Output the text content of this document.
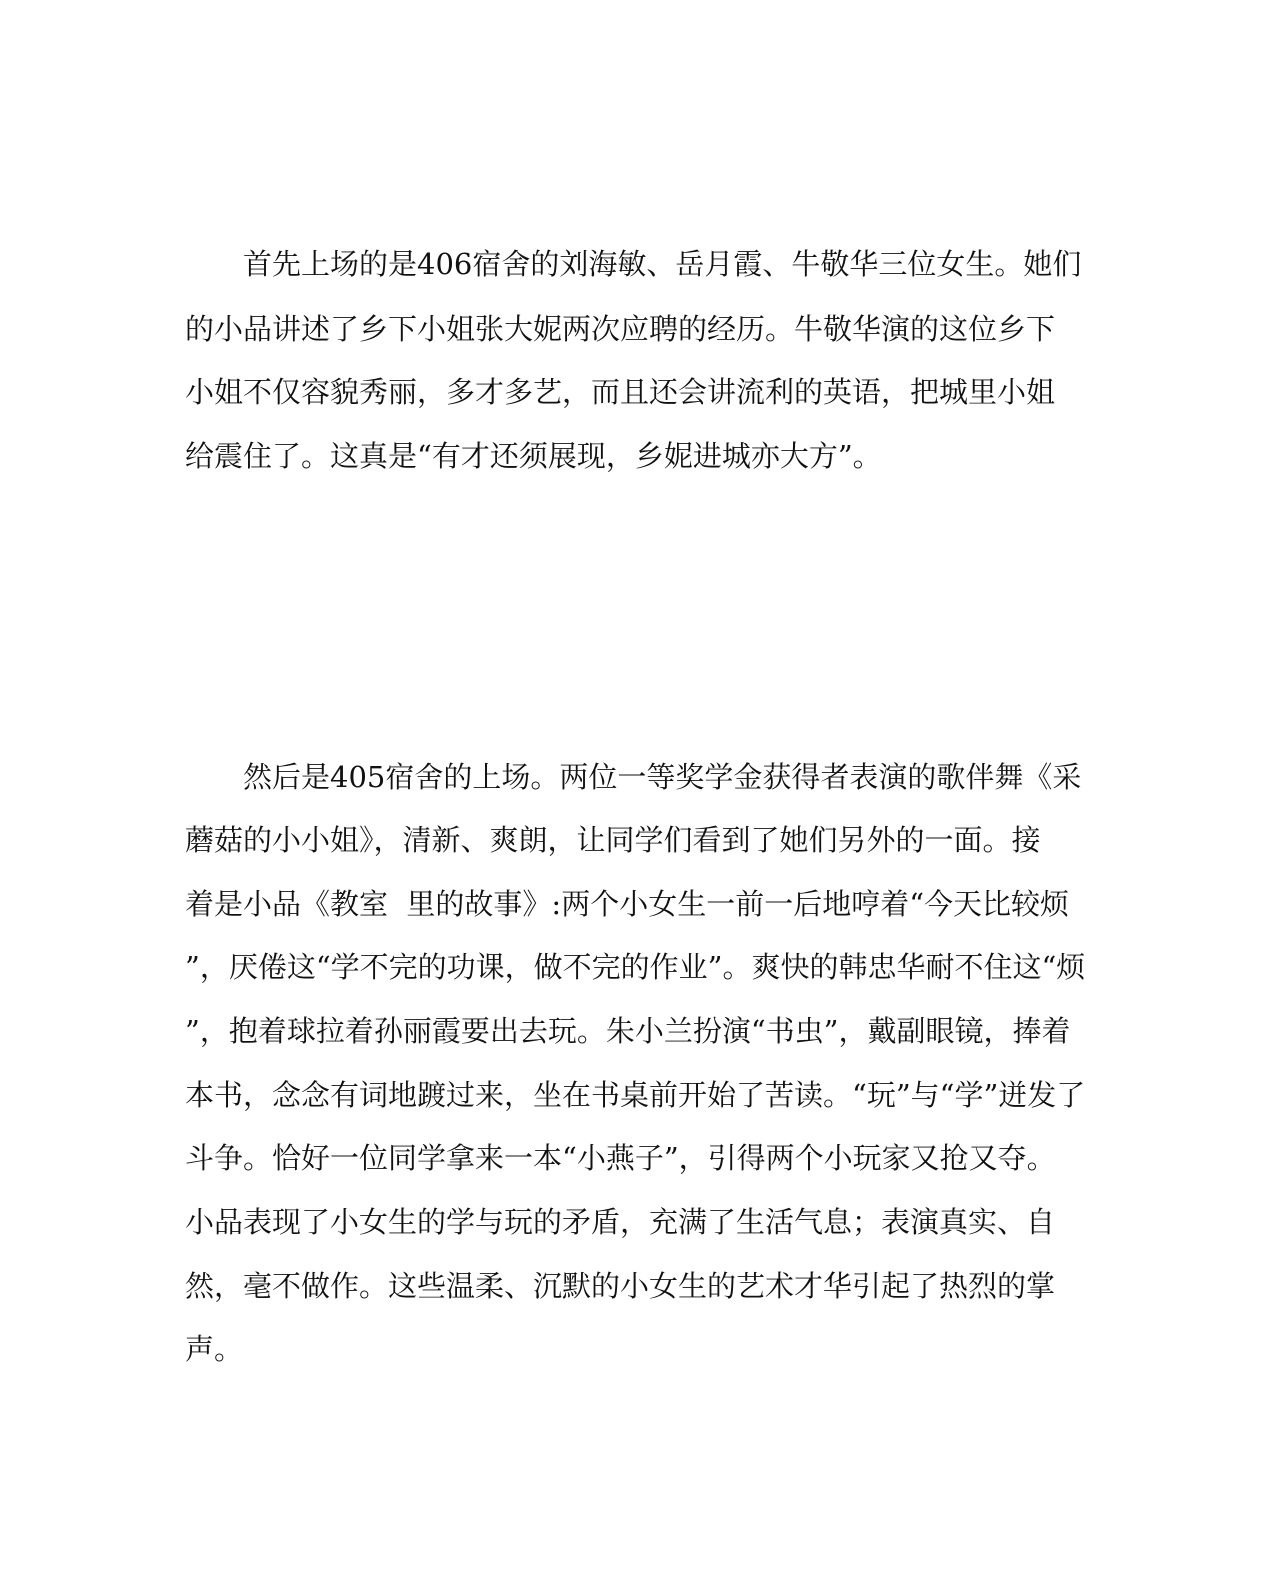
首先上场的是406宿舍的刘海敏、岳月霞、牛敬华三位女生。她们

的小品讲述了乡下小姐张大妮两次应聘的经历。牛敬华演的这位乡下

小姐不仅容貌秀丽，多才多艺，而且还会讲流利的英语，把城里小姐

给震住了。这真是“有才还须展现，乡妮进城亦大方”。

然后是405宿舍的上场。两位一等奖学金获得者表演的歌伴舞《采

蘑菇的小小姐》，清新、爽朗，让同学们看到了她们另外的一面。接

着是小品《教室  里的故事》:两个小女生一前一后地哼着“今天比较烦

”，厌倦这“学不完的功课，做不完的作业”。爽快的韩忠华耐不住这“烦

”，抱着球拉着孙丽霞要出去玩。朱小兰扮演“书虫”，戴副眼镜，捧着

本书，念念有词地踱过来，坐在书桌前开始了苦读。“玩”与“学”迸发了

斗争。恰好一位同学拿来一本“小燕子”，引得两个小玩家又抢又夺。

小品表现了小女生的学与玩的矛盾，充满了生活气息；表演真实、自

然，毫不做作。这些温柔、沉默的小女生的艺术才华引起了热烈的掌

声。
